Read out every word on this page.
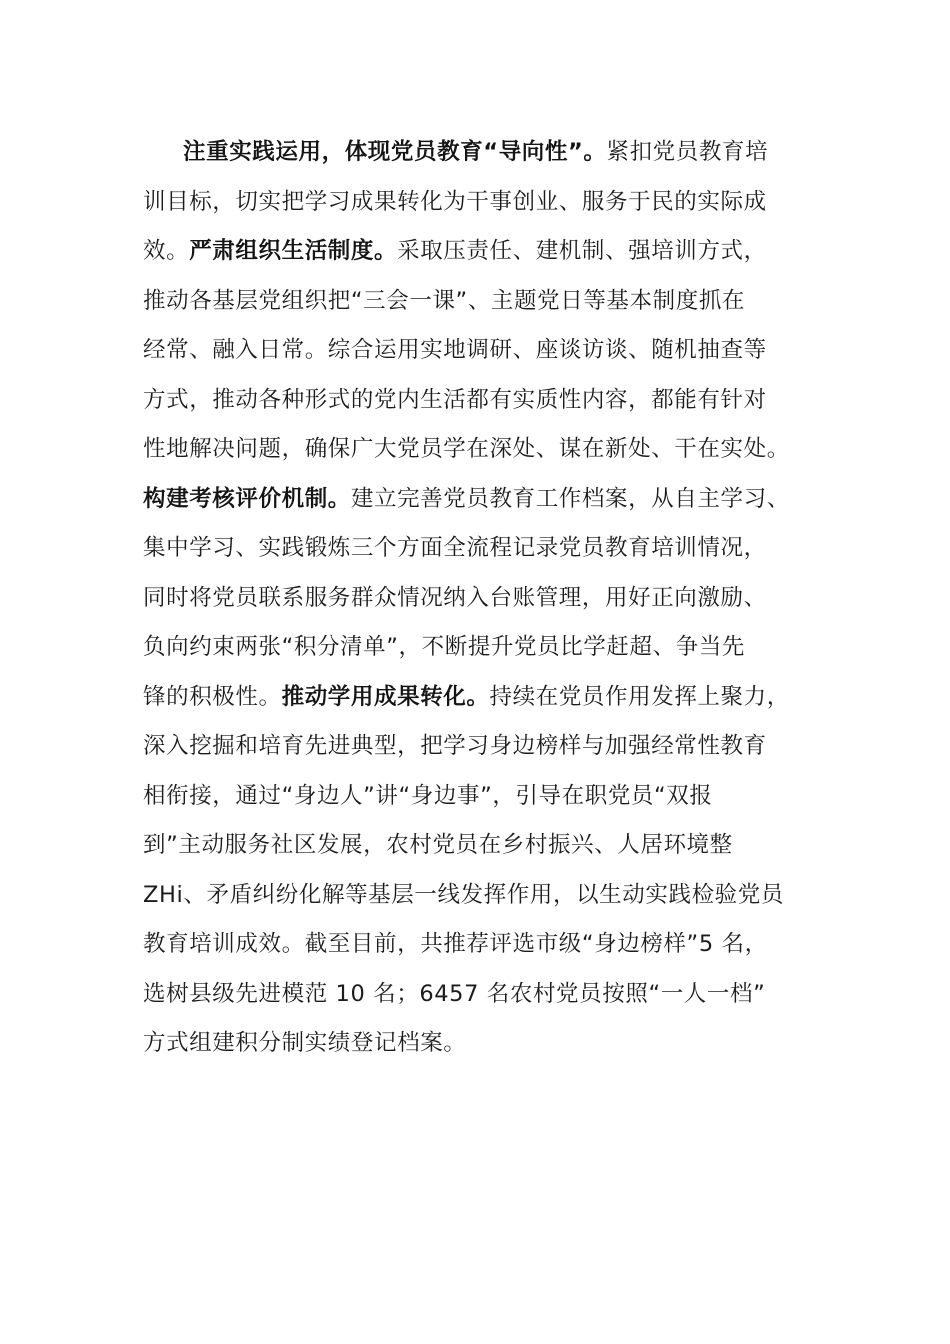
注重实践运用，体现党员教育“导向性”。紧扣党员教育培
训目标，切实把学习成果转化为干事创业、服务于民的实际成
效。严肃组织生活制度。采取压责任、建机制、强培训方式，
推动各基层党组织把“三会一课”、主题党日等基本制度抓在
经常、融入日常。综合运用实地调研、座谈访谈、随机抽查等
方式，推动各种形式的党内生活都有实质性内容，都能有针对
性地解决问题，确保广大党员学在深处、谋在新处、干在实处。
构建考核评价机制。建立完善党员教育工作档案，从自主学习、
集中学习、实践锻炼三个方面全流程记录党员教育培训情况，
同时将党员联系服务群众情况纳入台账管理，用好正向激励、
负向约束两张“积分清单”，不断提升党员比学赶超、争当先
锋的积极性。推动学用成果转化。持续在党员作用发挥上聚力，
深入挖掘和培育先进典型，把学习身边榜样与加强经常性教育
相衔接，通过“身边人”讲“身边事”，引导在职党员“双报
到”主动服务社区发展，农村党员在乡村振兴、人居环境整
ZHi、矛盾纠纷化解等基层一线发挥作用，以生动实践检验党员
教育培训成效。截至目前，共推荐评选市级“身边榜样”5 名，
选树县级先进模范 10 名；6457 名农村党员按照“一人一档”
方式组建积分制实绩登记档案。
